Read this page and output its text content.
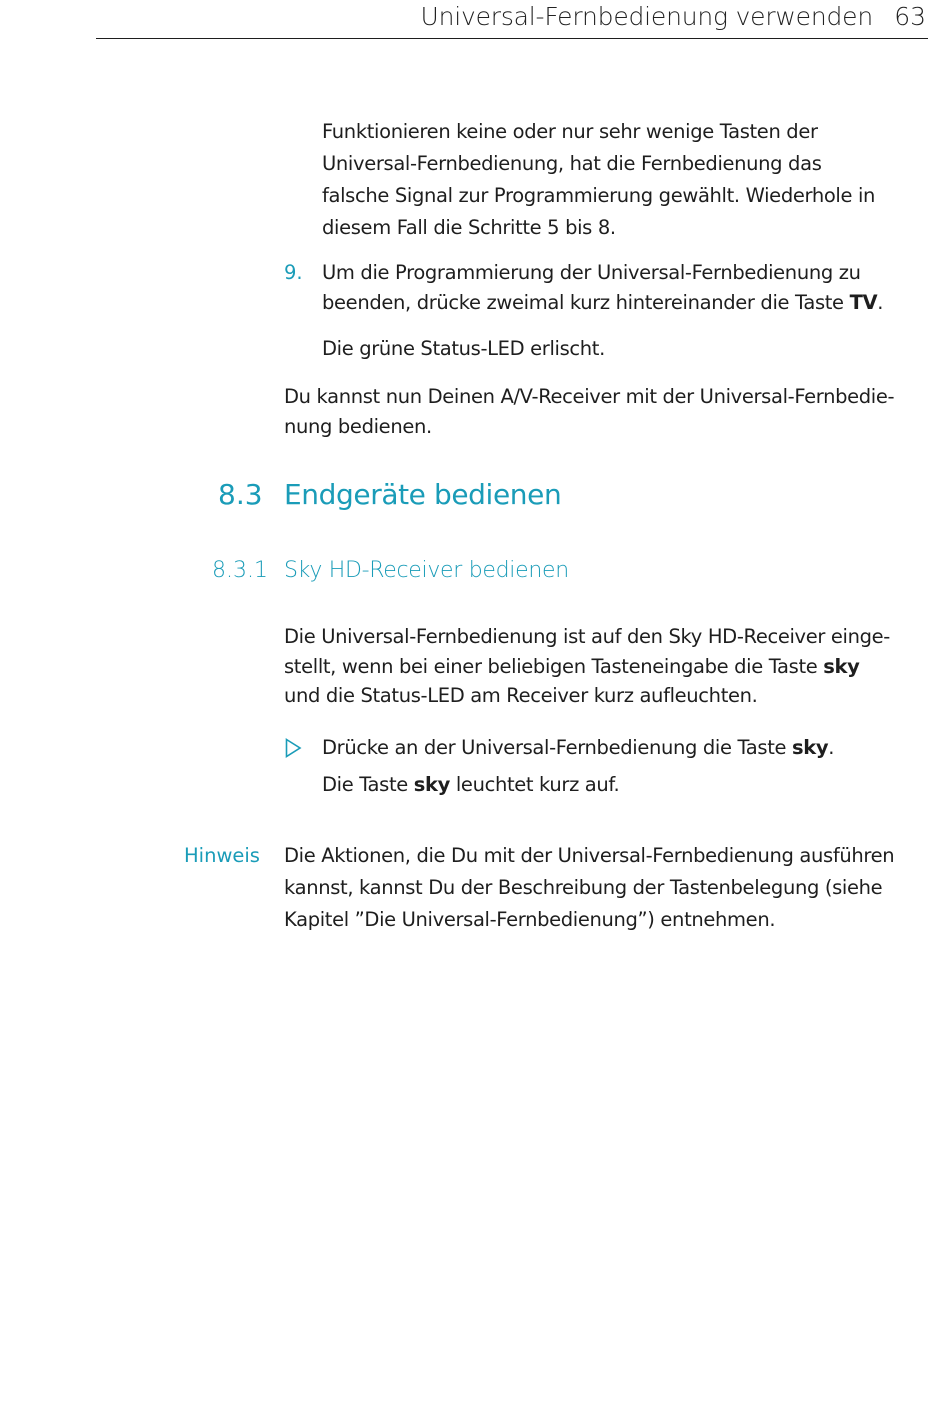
Universal-Fernbedienung verwenden 63
Funktionieren keine oder nur sehr wenige Tasten der
Universal-Fernbedienung, hat die Fernbedienung das
falsche Signal zur Programmierung gewählt. Wiederhole in
diesem Fall die Schritte 5 bis 8.
9. Um die Programmierung der Universal-Fernbedienung zu
beenden, drücke zweimal kurz hintereinander die Taste TV.
Die grüne Status-LED erlischt.
Du kannst nun Deinen A/V-Receiver mit der Universal-Fernbedie-
nung bedienen.
8.3 Endgeräte bedienen
8.3.1 Sky HD-Receiver bedienen
Die Universal-Fernbedienung ist auf den Sky HD-Receiver einge-
stellt, wenn bei einer beliebigen Tasteneingabe die Taste sky
und die Status-LED am Receiver kurz aufleuchten.
Drücke an der Universal-Fernbedienung die Taste sky.
Die Taste sky leuchtet kurz auf.
Hinweis Die Aktionen, die Du mit der Universal-Fernbedienung ausführen
kannst, kannst Du der Beschreibung der Tastenbelegung (siehe
Kapitel ”Die Universal-Fernbedienung”) entnehmen.
